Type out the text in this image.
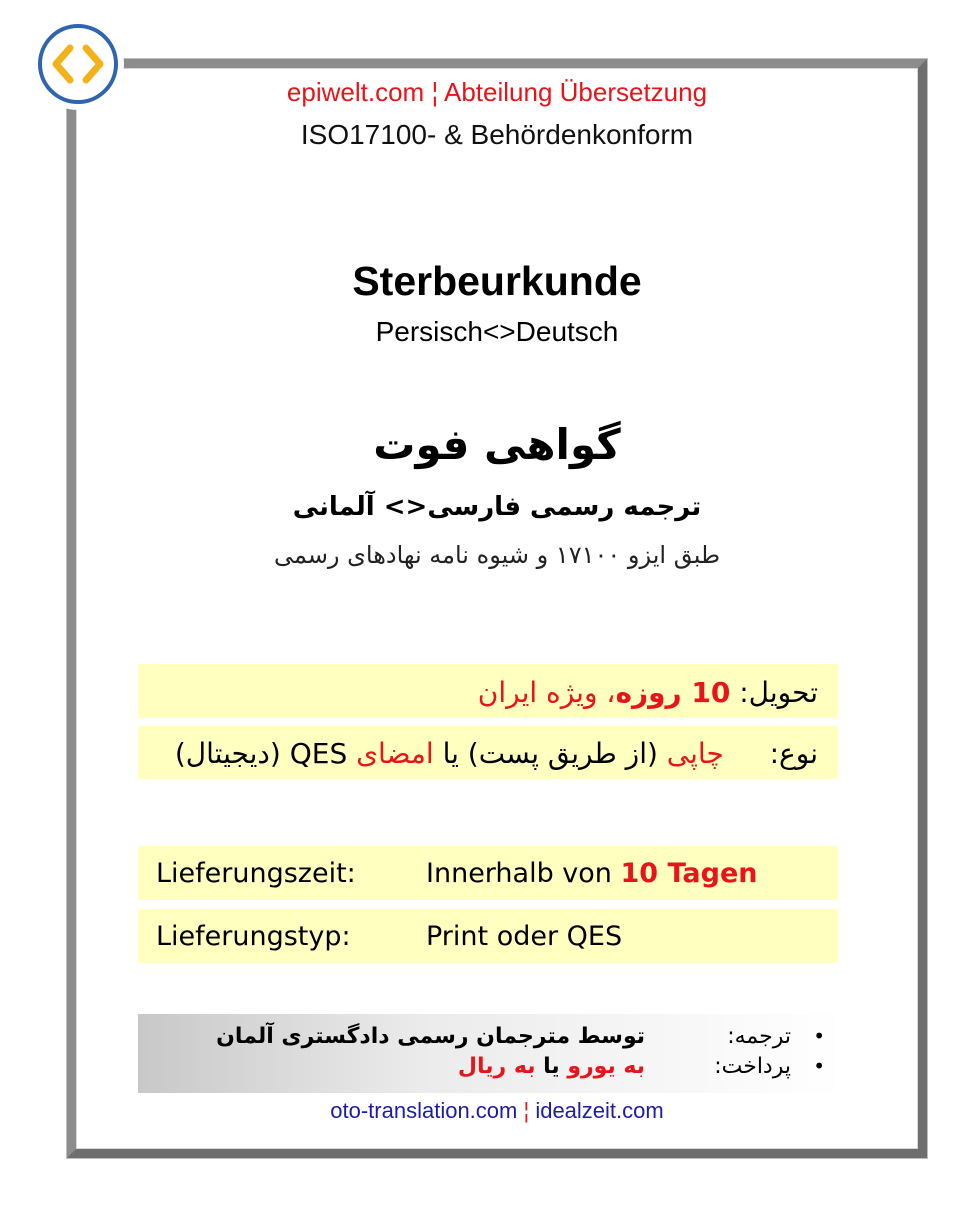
epiwelt.com ¦ Abteilung Übersetzung
ISO17100- & Behördenkonform
Sterbeurkunde
Persisch<>Deutsch
گواهی فوت
ترجمه رسمی فارسی<> آلمانی
طبق ایزو ۱۷۱۰۰ و شیوه نامه نهادهای رسمی
تحویل: 10 روزه، ویژه ایران
نوع:  چاپی (از طریق پست) یا امضای QES (دیجیتال)
Lieferungszeit:	Innerhalb von 10 Tagen
Lieferungstyp:	Print oder QES
•
ترجمه:
توسط مترجمان رسمی دادگستری آلمان
•
پرداخت:
به یورو یا به ریال
oto-translation.com ¦ idealzeit.com
